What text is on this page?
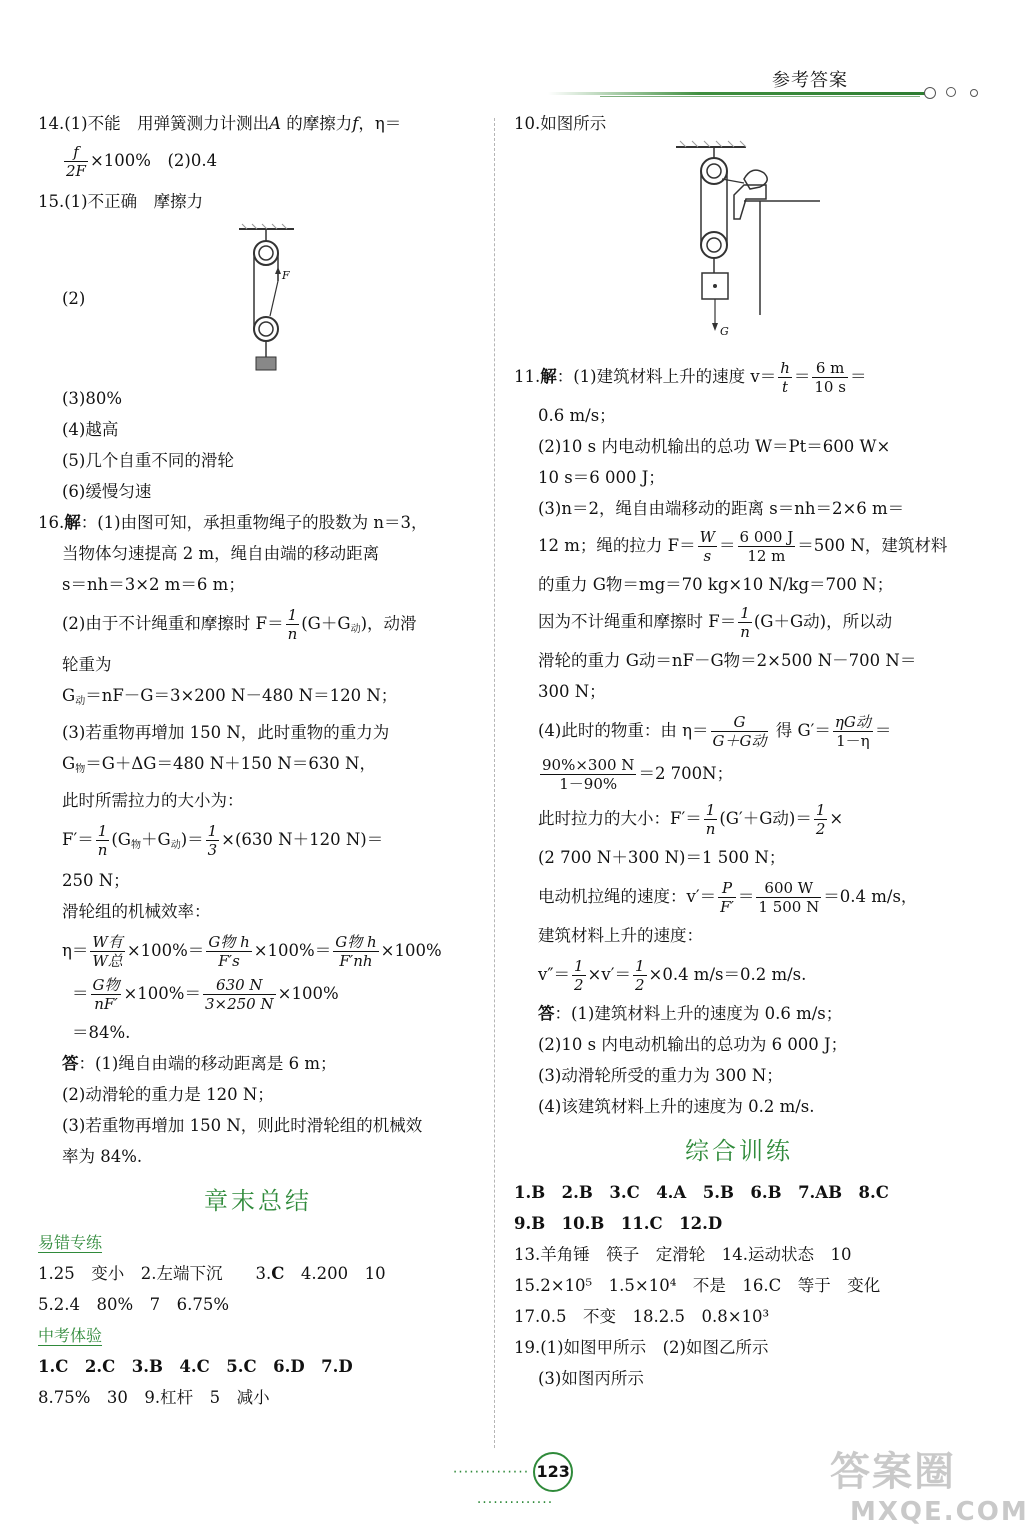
参考答案
14.(1)不能　用弹簧测力计测出A 的摩擦力f，η＝
$\frac{f}{2F} \times 100\%$　(2)0.4
15.(1)不正确　摩擦力
(2)
F
(3)80%
(4)越高
(5)几个自重不同的滑轮
(6)缓慢匀速
16.解：(1)由图可知，承担重物绳子的股数为 n＝3，
当物体匀速提高 2 m，绳自由端的移动距离
s＝nh＝3×2 m＝6 m；
(2)由于不计绳重和摩擦时 $F= \frac{1}{n} (G+G_动)$，动滑
轮重为
$G_动=nF-G=3\times 200$ N－480 N＝120 N；
(3)若重物再增加 150 N，此时重物的重力为
$G_物=G+\Delta G=480$ N＋150 N＝630 N，
此时所需拉力的大小为：
$F'= \frac{1}{n} (G_物+G_动)= \frac{1}{3} \times(630$ N＋120 N)＝
250 N；
滑轮组的机械效率：
$\eta= \frac{\text{W有}}{\text{W总}} \times 100\%= \frac{\text{G物 h}}{F's} \times 100\%= \frac{\text{G物 h}}{F'nh} \times 100\%$
＝ $\frac{\text{G物}}{nF'} \times 100\%= \frac{630 N}{3\times 250 N} \times 100\%$
＝84%.
答：(1)绳自由端的移动距离是 6 m；
(2)动滑轮的重力是 120 N；
(3)若重物再增加 150 N，则此时滑轮组的机械效
率为 84%.
章末总结
易错专练
1.25　变小　2.左端下沉　　3.C　4.200　10
5.2.4　80%　7　6.75%
中考体验
1.C　2.C　3.B　4.C　5.C　6.D　7.D
8.75%　30　9.杠杆　5　减小
10.如图所示
G
11.解：(1)建筑材料上升的速度 $v= \frac{h}{t} = \frac{6 m}{10 s}$ ＝
0.6 m/s；
(2)10 s 内电动机输出的总功 W＝Pt＝600 W×
10 s＝6 000 J；
(3)n＝2，绳自由端移动的距离 s＝nh＝2×6 m＝
12 m；绳的拉力 $F= \frac{W}{s} = \frac{6 000 J}{12 m} =500$ N，建筑材料
的重力 G物＝mg＝70 kg×10 N/kg＝700 N；
因为不计绳重和摩擦时 $F= \frac{1}{n} (G+G$动)，所以动
滑轮的重力 G动＝nF－G物＝2×500 N－700 N＝
300 N；
(4)此时的物重：由 $\eta= \frac{G}{\text{G＋G动}}$ 得 $G'= \frac{\text{ηG动}}{1-\eta}$ ＝
$\frac{90\%\times 300 N}{1-90\%} =2$ 700N；
此时拉力的大小：$F'= \frac{1}{n} (G'+G$动)＝ $\frac{1}{2}$ ×
(2 700 N＋300 N)＝1 500 N；
电动机拉绳的速度：$v'= \frac{P}{F'} = \frac{600 W}{1 500 N} =0.4$ m/s，
建筑材料上升的速度：
$v''= \frac{1}{2} \times v'= \frac{1}{2} \times 0.4$ m/s＝0.2 m/s.
答：(1)建筑材料上升的速度为 0.6 m/s；
(2)10 s 内电动机输出的总功为 6 000 J；
(3)动滑轮所受的重力为 300 N；
(4)该建筑材料上升的速度为 0.2 m/s.
综合训练
1.B　2.B　3.C　4.A　5.B　6.B　7.AB　8.C
9.B　10.B　11.C　12.D
13.羊角锤　筷子　定滑轮　14.运动状态　10
15.2×10⁵　1.5×10⁴　不是　16.C　等于　变化
17.0.5　不变　18.2.5　0.8×10³
19.(1)如图甲所示　(2)如图乙所示
(3)如图丙所示
·············· 123··············
答案圈
MXQE.COM
